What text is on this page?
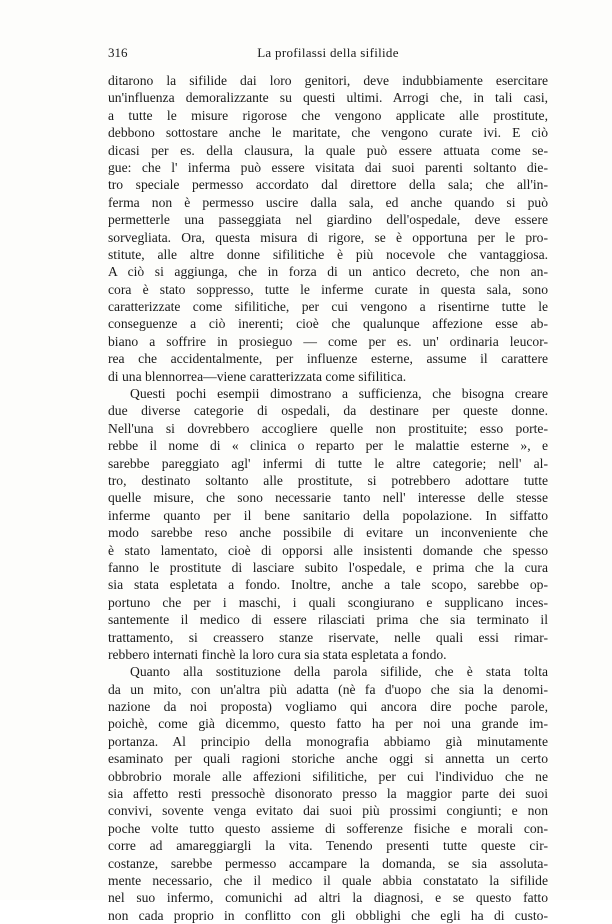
316	La profilassi della sifilide
ditarono la sifilide dai loro genitori, deve indubbiamente esercitare
un'influenza demoralizzante su questi ultimi. Arrogi che, in tali casi,
a tutte le misure rigorose che vengono applicate alle prostitute,
debbono sottostare anche le maritate, che vengono curate ivi. E ciò
dicasi per es. della clausura, la quale può essere attuata come se-
gue: che l' inferma può essere visitata dai suoi parenti soltanto die-
tro speciale permesso accordato dal direttore della sala; che all'in-
ferma non è permesso uscire dalla sala, ed anche quando si può
permetterle una passeggiata nel giardino dell'ospedale, deve essere
sorvegliata. Ora, questa misura di rigore, se è opportuna per le pro-
stitute, alle altre donne sifilitiche è più nocevole che vantaggiosa.
A ciò si aggiunga, che in forza di un antico decreto, che non an-
cora è stato soppresso, tutte le inferme curate in questa sala, sono
caratterizzate come sifilitiche, per cui vengono a risentirne tutte le
conseguenze a ciò inerenti; cioè che qualunque affezione esse ab-
biano a soffrire in prosieguo — come per es. un' ordinaria leucor-
rea che accidentalmente, per influenze esterne, assume il carattere
di una blennorrea—viene caratterizzata come sifilitica.
Questi pochi esempii dimostrano a sufficienza, che bisogna creare
due diverse categorie di ospedali, da destinare per queste donne.
Nell'una si dovrebbero accogliere quelle non prostituite; esso porte-
rebbe il nome di « clinica o reparto per le malattie esterne », e
sarebbe pareggiato agl' infermi di tutte le altre categorie; nell' al-
tro, destinato soltanto alle prostitute, si potrebbero adottare tutte
quelle misure, che sono necessarie tanto nell' interesse delle stesse
inferme quanto per il bene sanitario della popolazione. In siffatto
modo sarebbe reso anche possibile di evitare un inconveniente che
è stato lamentato, cioè di opporsi alle insistenti domande che spesso
fanno le prostitute di lasciare subito l'ospedale, e prima che la cura
sia stata espletata a fondo. Inoltre, anche a tale scopo, sarebbe op-
portuno che per i maschi, i quali scongiurano e supplicano inces-
santemente il medico di essere rilasciati prima che sia terminato il
trattamento, si creassero stanze riservate, nelle quali essi rimar-
rebbero internati finchè la loro cura sia stata espletata a fondo.
Quanto alla sostituzione della parola sifilide, che è stata tolta
da un mito, con un'altra più adatta (nè fa d'uopo che sia la denomi-
nazione da noi proposta) vogliamo qui ancora dire poche parole,
poichè, come già dicemmo, questo fatto ha per noi una grande im-
portanza. Al principio della monografia abbiamo già minutamente
esaminato per quali ragioni storiche anche oggi si annetta un certo
obbrobrio morale alle affezioni sifilitiche, per cui l'individuo che ne
sia affetto resti pressochè disonorato presso la maggior parte dei suoi
convivi, sovente venga evitato dai suoi più prossimi congiunti; e non
poche volte tutto questo assieme di sofferenze fisiche e morali con-
corre ad amareggiargli la vita. Tenendo presenti tutte queste cir-
costanze, sarebbe permesso accampare la domanda, se sia assoluta-
mente necessario, che il medico il quale abbia constatato la sifilide
nel suo infermo, comunichi ad altri la diagnosi, e se questo fatto
non cada proprio in conflitto con gli obblighi che egli ha di custo-
